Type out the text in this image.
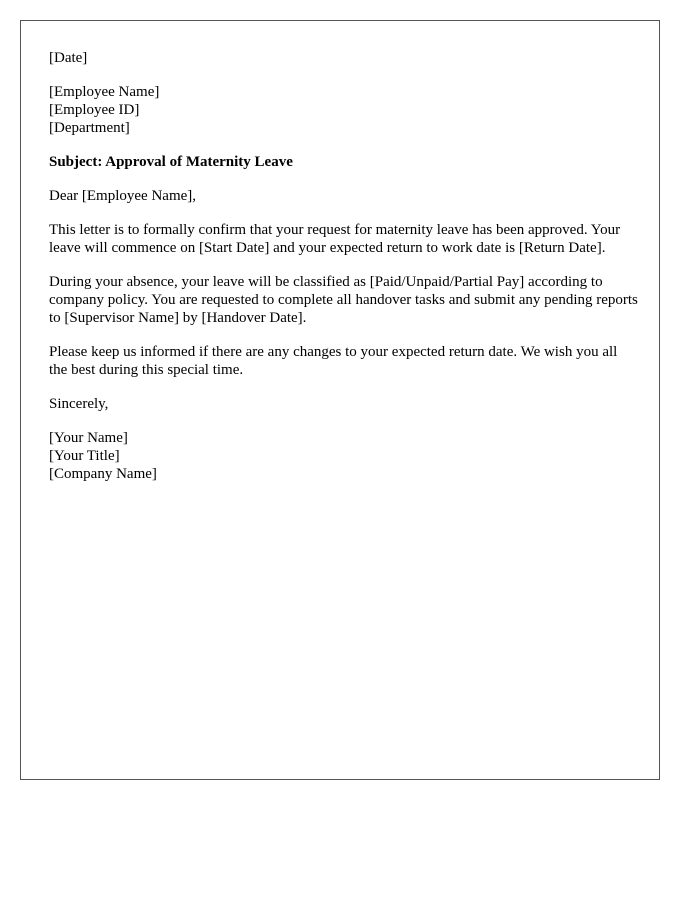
[Date]
[Employee Name]
[Employee ID]
[Department]
Subject: Approval of Maternity Leave
Dear [Employee Name],

This letter is to formally confirm that your request for maternity leave has been approved. Your leave will commence on [Start Date] and your expected return to work date is [Return Date].

During your absence, your leave will be classified as [Paid/Unpaid/Partial Pay] according to company policy. You are requested to complete all handover tasks and submit any pending reports to [Supervisor Name] by [Handover Date].

Please keep us informed if there are any changes to your expected return date. We wish you all the best during this special time.

Sincerely,
[Your Name]
[Your Title]
[Company Name]
